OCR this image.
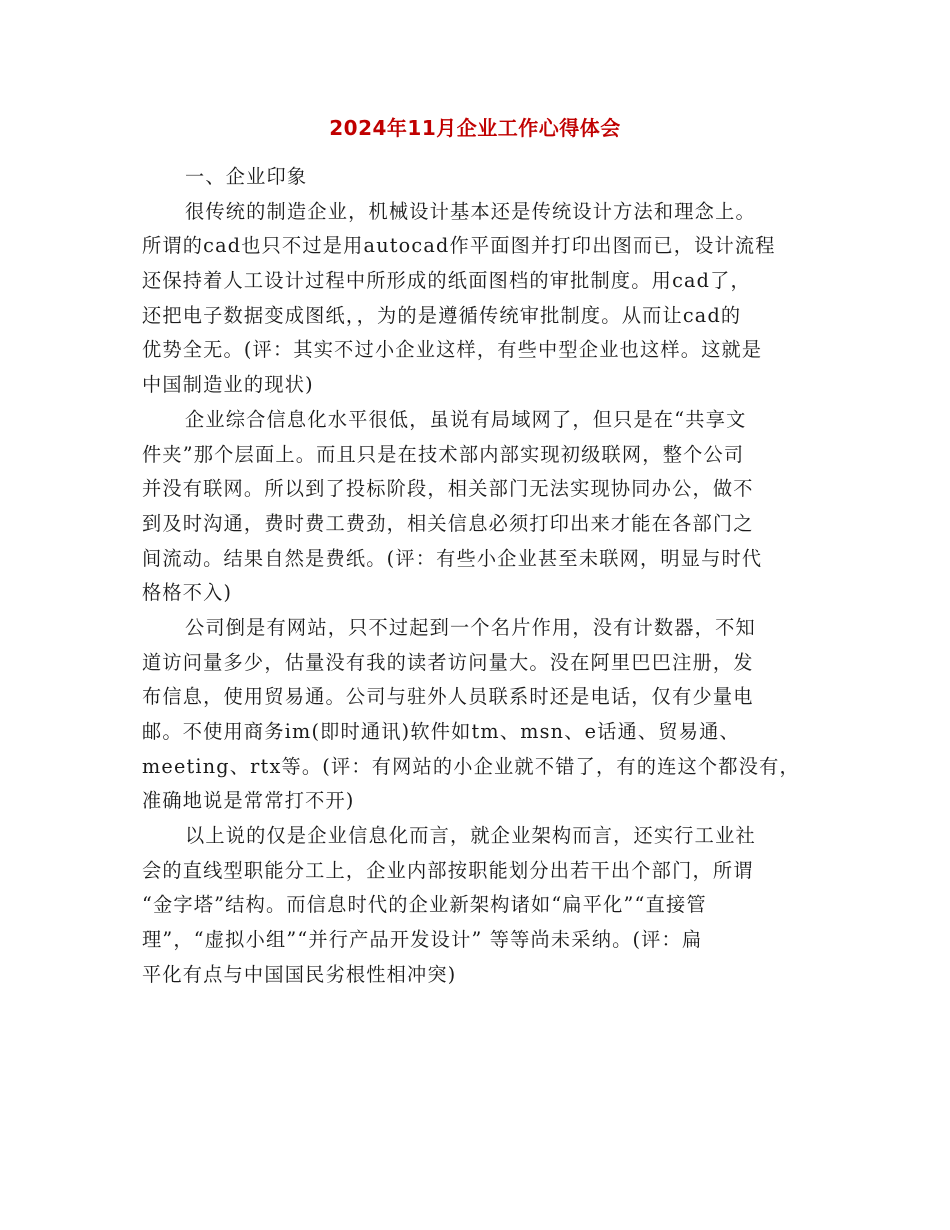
2024年11月企业工作心得体会
一、企业印象
很传统的制造企业，机械设计基本还是传统设计方法和理念上。
所谓的cad也只不过是用autocad作平面图并打印出图而已，设计流程
还保持着人工设计过程中所形成的纸面图档的审批制度。用cad了，
还把电子数据变成图纸，，为的是遵循传统审批制度。从而让cad的
优势全无。(评：其实不过小企业这样，有些中型企业也这样。这就是
中国制造业的现状)
企业综合信息化水平很低，虽说有局域网了，但只是在“共享文
件夹”那个层面上。而且只是在技术部内部实现初级联网，整个公司
并没有联网。所以到了投标阶段，相关部门无法实现协同办公，做不
到及时沟通，费时费工费劲，相关信息必须打印出来才能在各部门之
间流动。结果自然是费纸。(评：有些小企业甚至未联网，明显与时代
格格不入)
公司倒是有网站，只不过起到一个名片作用，没有计数器，不知
道访问量多少，估量没有我的读者访问量大。没在阿里巴巴注册，发
布信息，使用贸易通。公司与驻外人员联系时还是电话，仅有少量电
邮。不使用商务im(即时通讯)软件如tm、msn、e话通、贸易通、
meeting、rtx等。(评：有网站的小企业就不错了，有的连这个都没有，
准确地说是常常打不开)
以上说的仅是企业信息化而言，就企业架构而言，还实行工业社
会的直线型职能分工上，企业内部按职能划分出若干出个部门，所谓
“金字塔”结构。而信息时代的企业新架构诸如“扁平化”“直接管
理”，“虚拟小组”“并行产品开发设计” 等等尚未采纳。(评：扁
平化有点与中国国民劣根性相冲突)
